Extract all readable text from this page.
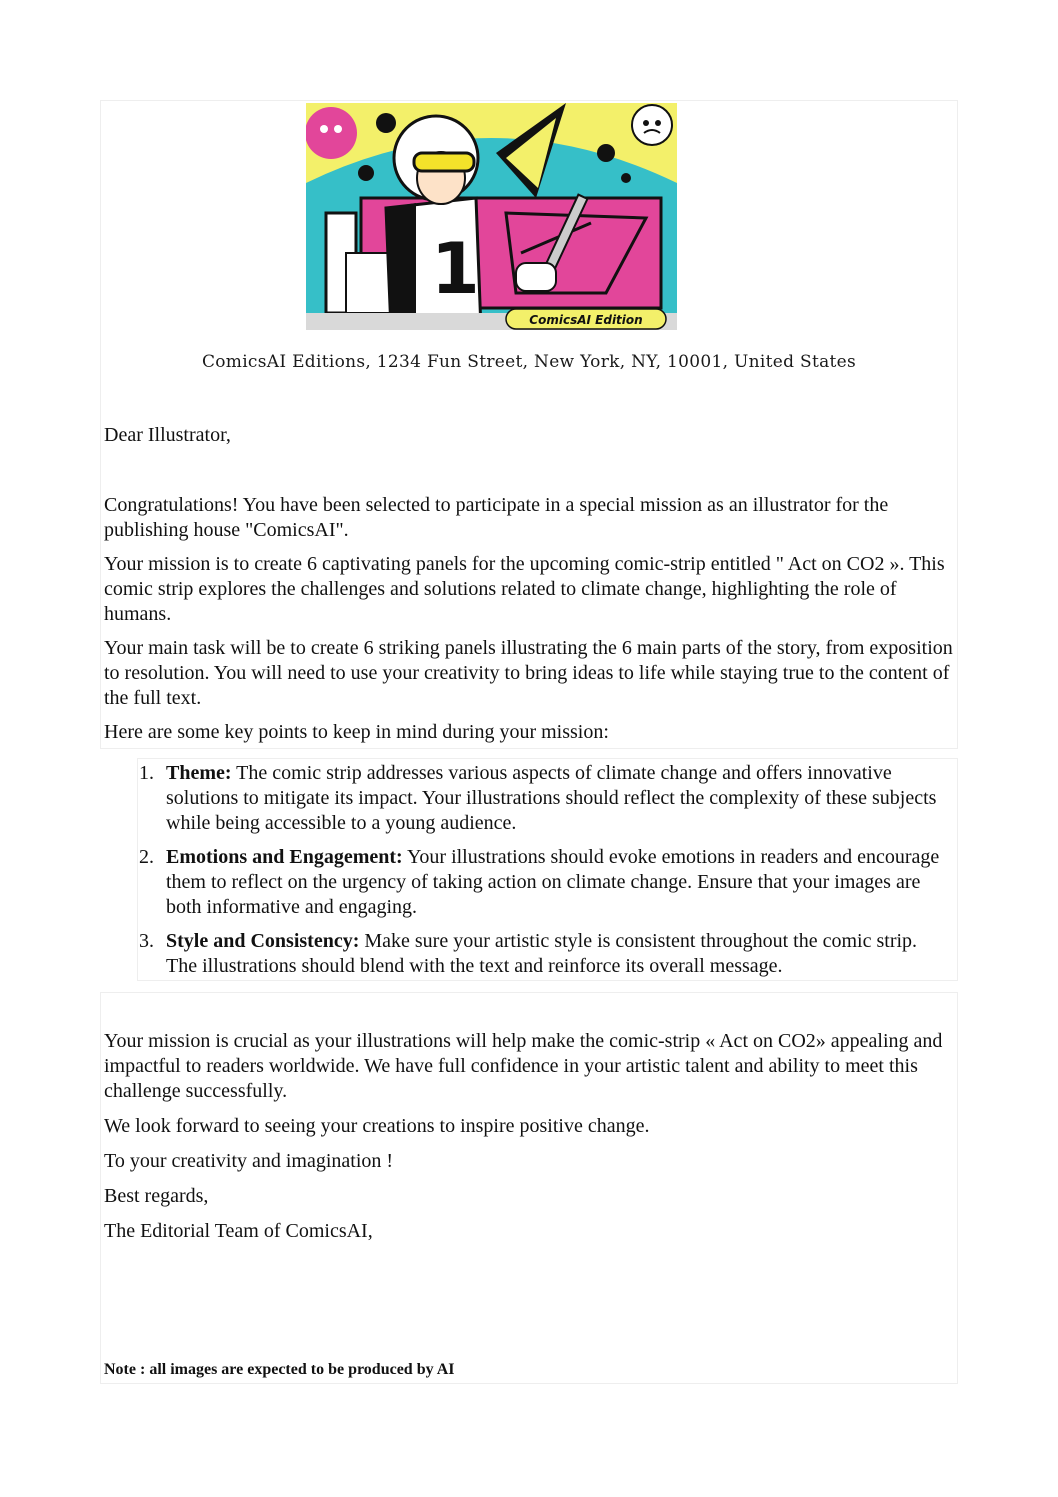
1
ComicsAI Edition
ComicsAI Editions, 1234 Fun Street, New York, NY, 10001, United States

Dear Illustrator,

Congratulations! You have been selected to participate in a special mission as an illustrator for the publishing house "ComicsAI".

Your mission is to create 6 captivating panels for the upcoming comic-strip entitled " Act on CO2 ». This comic strip explores the challenges and solutions related to climate change, highlighting the role of humans.

Your main task will be to create 6 striking panels illustrating the 6 main parts of the story, from exposition to resolution. You will need to use your creativity to bring ideas to life while staying true to the content of the full text.

Here are some key points to keep in mind during your mission:

1. Theme: The comic strip addresses various aspects of climate change and offers innovative solutions to mitigate its impact. Your illustrations should reflect the complexity of these subjects while being accessible to a young audience.
2. Emotions and Engagement: Your illustrations should evoke emotions in readers and encourage them to reflect on the urgency of taking action on climate change. Ensure that your images are both informative and engaging.
3. Style and Consistency: Make sure your artistic style is consistent throughout the comic strip. The illustrations should blend with the text and reinforce its overall message.

Your mission is crucial as your illustrations will help make the comic-strip « Act on CO2» appealing and impactful to readers worldwide. We have full confidence in your artistic talent and ability to meet this challenge successfully.

We look forward to seeing your creations to inspire positive change.

To your creativity and imagination !

Best regards,

The Editorial Team of ComicsAI,

Note : all images are expected to be produced by AI
